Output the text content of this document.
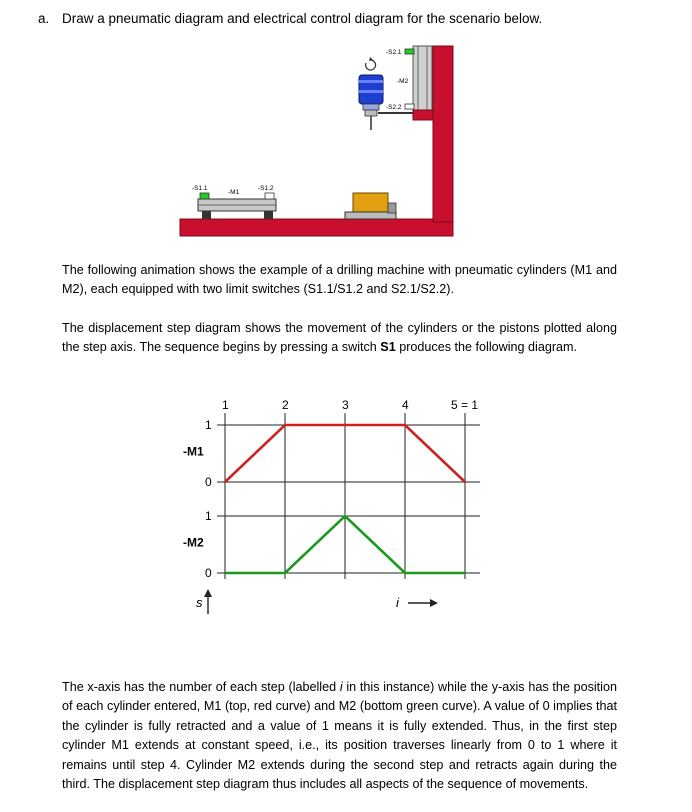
a. Draw a pneumatic diagram and electrical control diagram for the scenario below.
-S2.1
-M2
-S2.2
-S1.1
-M1
-S1.2

The following animation shows the example of a drilling machine with pneumatic cylinders (M1 and M2), each equipped with two limit switches (S1.1/S1.2 and S2.1/S2.2).

The displacement step diagram shows the movement of the cylinders or the pistons plotted along the step axis. The sequence begins by pressing a switch S1 produces the following diagram.

1	2	3	4	5 = 1
0
1
-M1
0
1
-M2
s	i

The x-axis has the number of each step (labelled i in this instance) while the y-axis has the position of each cylinder entered, M1 (top, red curve) and M2 (bottom green curve). A value of 0 implies that the cylinder is fully retracted and a value of 1 means it is fully extended. Thus, in the first step cylinder M1 extends at constant speed, i.e., its position traverses linearly from 0 to 1 where it remains until step 4. Cylinder M2 extends during the second step and retracts again during the third. The displacement step diagram thus includes all aspects of the sequence of movements.
